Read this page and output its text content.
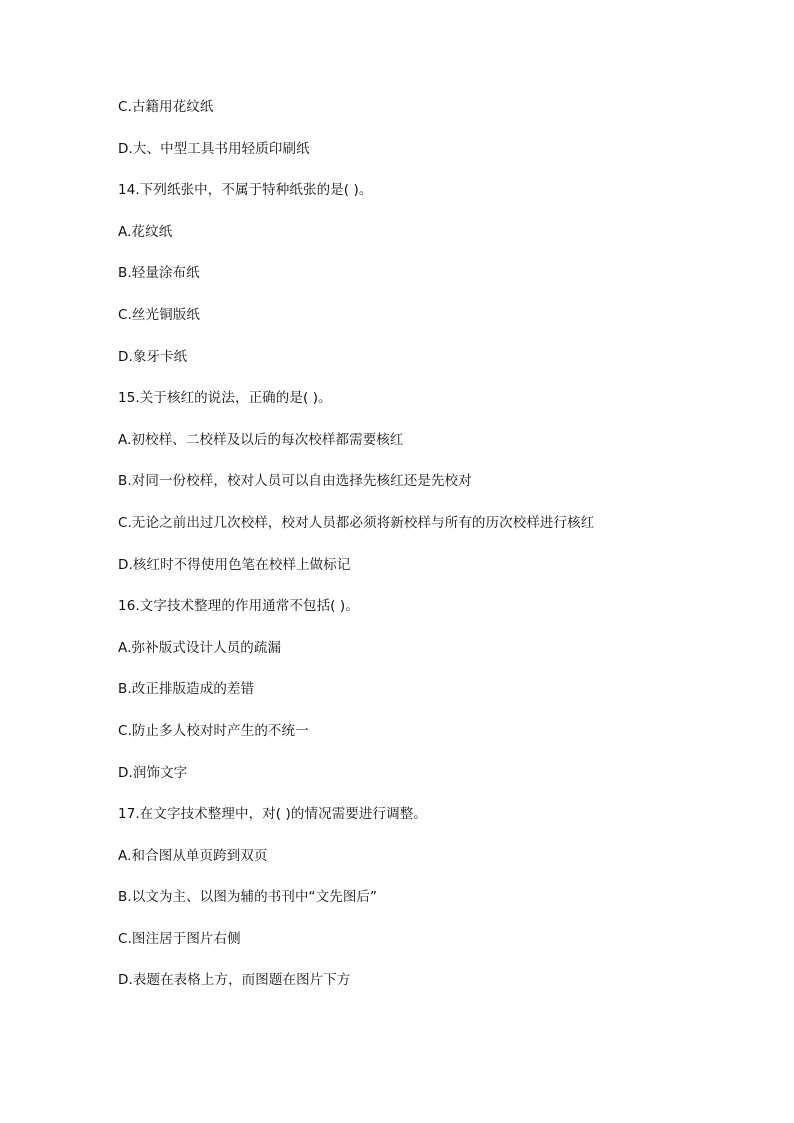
C.古籍用花纹纸
D.大、中型工具书用轻质印刷纸
14.下列纸张中，不属于特种纸张的是( )。
A.花纹纸
B.轻量涂布纸
C.丝光铜版纸
D.象牙卡纸
15.关于核红的说法，正确的是( )。
A.初校样、二校样及以后的每次校样都需要核红
B.对同一份校样，校对人员可以自由选择先核红还是先校对
C.无论之前出过几次校样，校对人员都必须将新校样与所有的历次校样进行核红
D.核红时不得使用色笔在校样上做标记
16.文字技术整理的作用通常不包括( )。
A.弥补版式设计人员的疏漏
B.改正排版造成的差错
C.防止多人校对时产生的不统一
D.润饰文字
17.在文字技术整理中，对( )的情况需要进行调整。
A.和合图从单页跨到双页
B.以文为主、以图为辅的书刊中“文先图后”
C.图注居于图片右侧
D.表题在表格上方，而图题在图片下方
